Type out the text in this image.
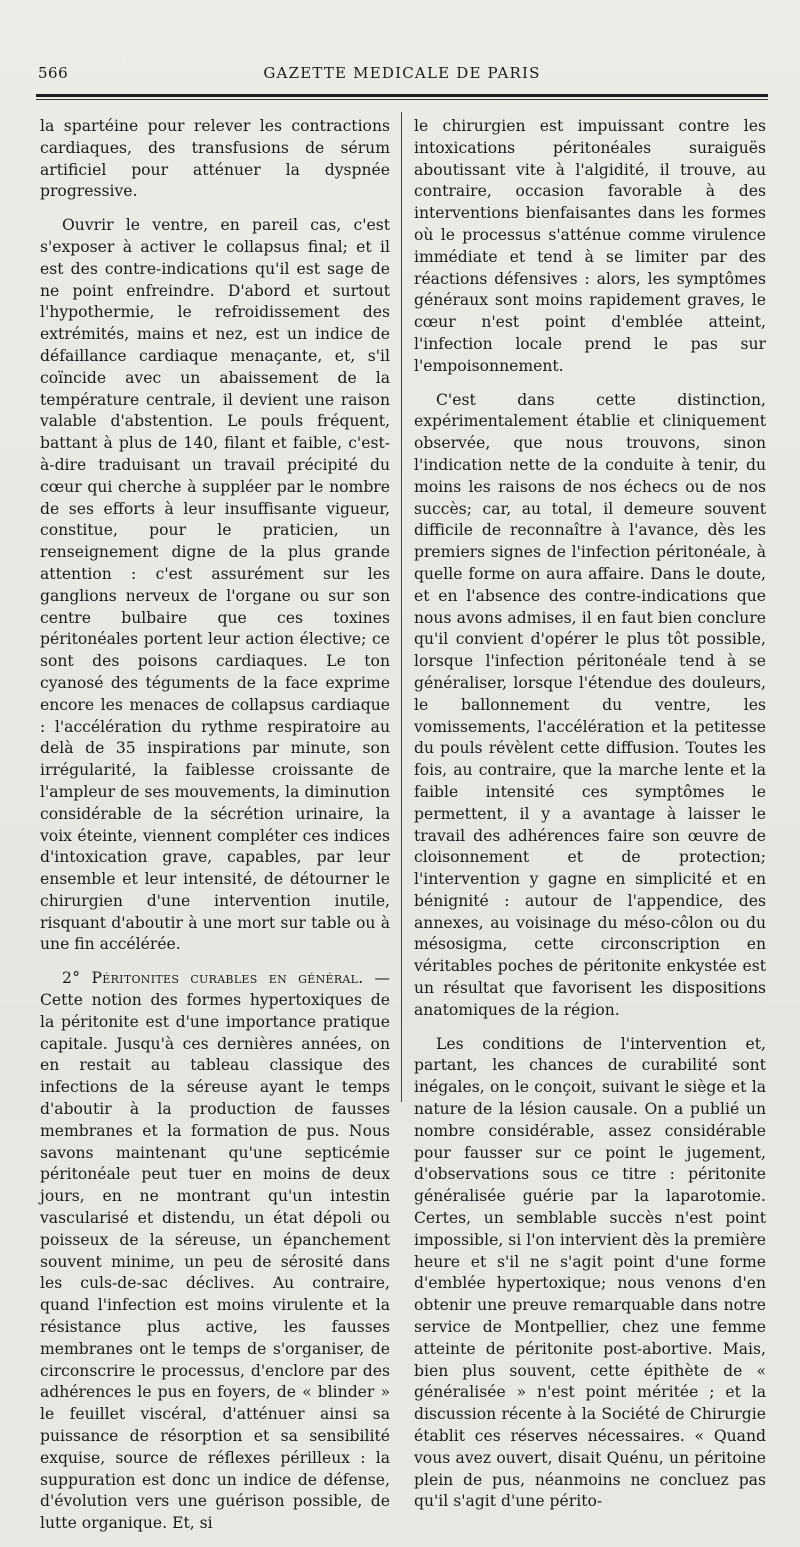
566	GAZETTE MEDICALE DE PARIS

la spartéine pour relever les contractions cardiaques, des transfusions de sérum artificiel pour atténuer la dyspnée progressive.

Ouvrir le ventre, en pareil cas, c'est s'exposer à activer le collapsus final; et il est des contre-indications qu'il est sage de ne point enfreindre. D'abord et surtout l'hypothermie, le refroidissement des extrémités, mains et nez, est un indice de défaillance cardiaque menaçante, et, s'il coïncide avec un abaissement de la température centrale, il devient une raison valable d'abstention. Le pouls fréquent, battant à plus de 140, filant et faible, c'est-à-dire traduisant un travail précipité du cœur qui cherche à suppléer par le nombre de ses efforts à leur insuffisante vigueur, constitue, pour le praticien, un renseignement digne de la plus grande attention : c'est assurément sur les ganglions nerveux de l'organe ou sur son centre bulbaire que ces toxines péritonéales portent leur action élective; ce sont des poisons cardiaques. Le ton cyanosé des téguments de la face exprime encore les menaces de collapsus cardiaque : l'accélération du rythme respiratoire au delà de 35 inspirations par minute, son irrégularité, la faiblesse croissante de l'ampleur de ses mouvements, la diminution considérable de la sécrétion urinaire, la voix éteinte, viennent compléter ces indices d'intoxication grave, capables, par leur ensemble et leur intensité, de détourner le chirurgien d'une intervention inutile, risquant d'aboutir à une mort sur table ou à une fin accélérée.

2° Péritonites curables en général. — Cette notion des formes hypertoxiques de la péritonite est d'une importance pratique capitale. Jusqu'à ces dernières années, on en restait au tableau classique des infections de la séreuse ayant le temps d'aboutir à la production de fausses membranes et la formation de pus. Nous savons maintenant qu'une septicémie péritonéale peut tuer en moins de deux jours, en ne montrant qu'un intestin vascularisé et distendu, un état dépoli ou poisseux de la séreuse, un épanchement souvent minime, un peu de sérosité dans les culs-de-sac déclives. Au contraire, quand l'infection est moins virulente et la résistance plus active, les fausses membranes ont le temps de s'organiser, de circonscrire le processus, d'enclore par des adhérences le pus en foyers, de « blinder » le feuillet viscéral, d'atténuer ainsi sa puissance de résorption et sa sensibilité exquise, source de réflexes périlleux : la suppuration est donc un indice de défense, d'évolution vers une guérison possible, de lutte organique. Et, si

le chirurgien est impuissant contre les intoxications péritonéales suraiguës aboutissant vite à l'algidité, il trouve, au contraire, occasion favorable à des interventions bienfaisantes dans les formes où le processus s'atténue comme virulence immédiate et tend à se limiter par des réactions défensives : alors, les symptômes généraux sont moins rapidement graves, le cœur n'est point d'emblée atteint, l'infection locale prend le pas sur l'empoisonnement.

C'est dans cette distinction, expérimentalement établie et cliniquement observée, que nous trouvons, sinon l'indication nette de la conduite à tenir, du moins les raisons de nos échecs ou de nos succès; car, au total, il demeure souvent difficile de reconnaître à l'avance, dès les premiers signes de l'infection péritonéale, à quelle forme on aura affaire. Dans le doute, et en l'absence des contre-indications que nous avons admises, il en faut bien conclure qu'il convient d'opérer le plus tôt possible, lorsque l'infection péritonéale tend à se généraliser, lorsque l'étendue des douleurs, le ballonnement du ventre, les vomissements, l'accélération et la petitesse du pouls révèlent cette diffusion. Toutes les fois, au contraire, que la marche lente et la faible intensité ces symptômes le permettent, il y a avantage à laisser le travail des adhérences faire son œuvre de cloisonnement et de protection; l'intervention y gagne en simplicité et en bénignité : autour de l'appendice, des annexes, au voisinage du méso-côlon ou du mésosigma, cette circonscription en véritables poches de péritonite enkystée est un résultat que favorisent les dispositions anatomiques de la région.

Les conditions de l'intervention et, partant, les chances de curabilité sont inégales, on le conçoit, suivant le siège et la nature de la lésion causale. On a publié un nombre considérable, assez considérable pour fausser sur ce point le jugement, d'observations sous ce titre : péritonite généralisée guérie par la laparotomie. Certes, un semblable succès n'est point impossible, si l'on intervient dès la première heure et s'il ne s'agit point d'une forme d'emblée hypertoxique; nous venons d'en obtenir une preuve remarquable dans notre service de Montpellier, chez une femme atteinte de péritonite post-abortive. Mais, bien plus souvent, cette épithète de « généralisée » n'est point méritée ; et la discussion récente à la Société de Chirurgie établit ces réserves nécessaires. « Quand vous avez ouvert, disait Quénu, un péritoine plein de pus, néanmoins ne concluez pas qu'il s'agit d'une périto-
